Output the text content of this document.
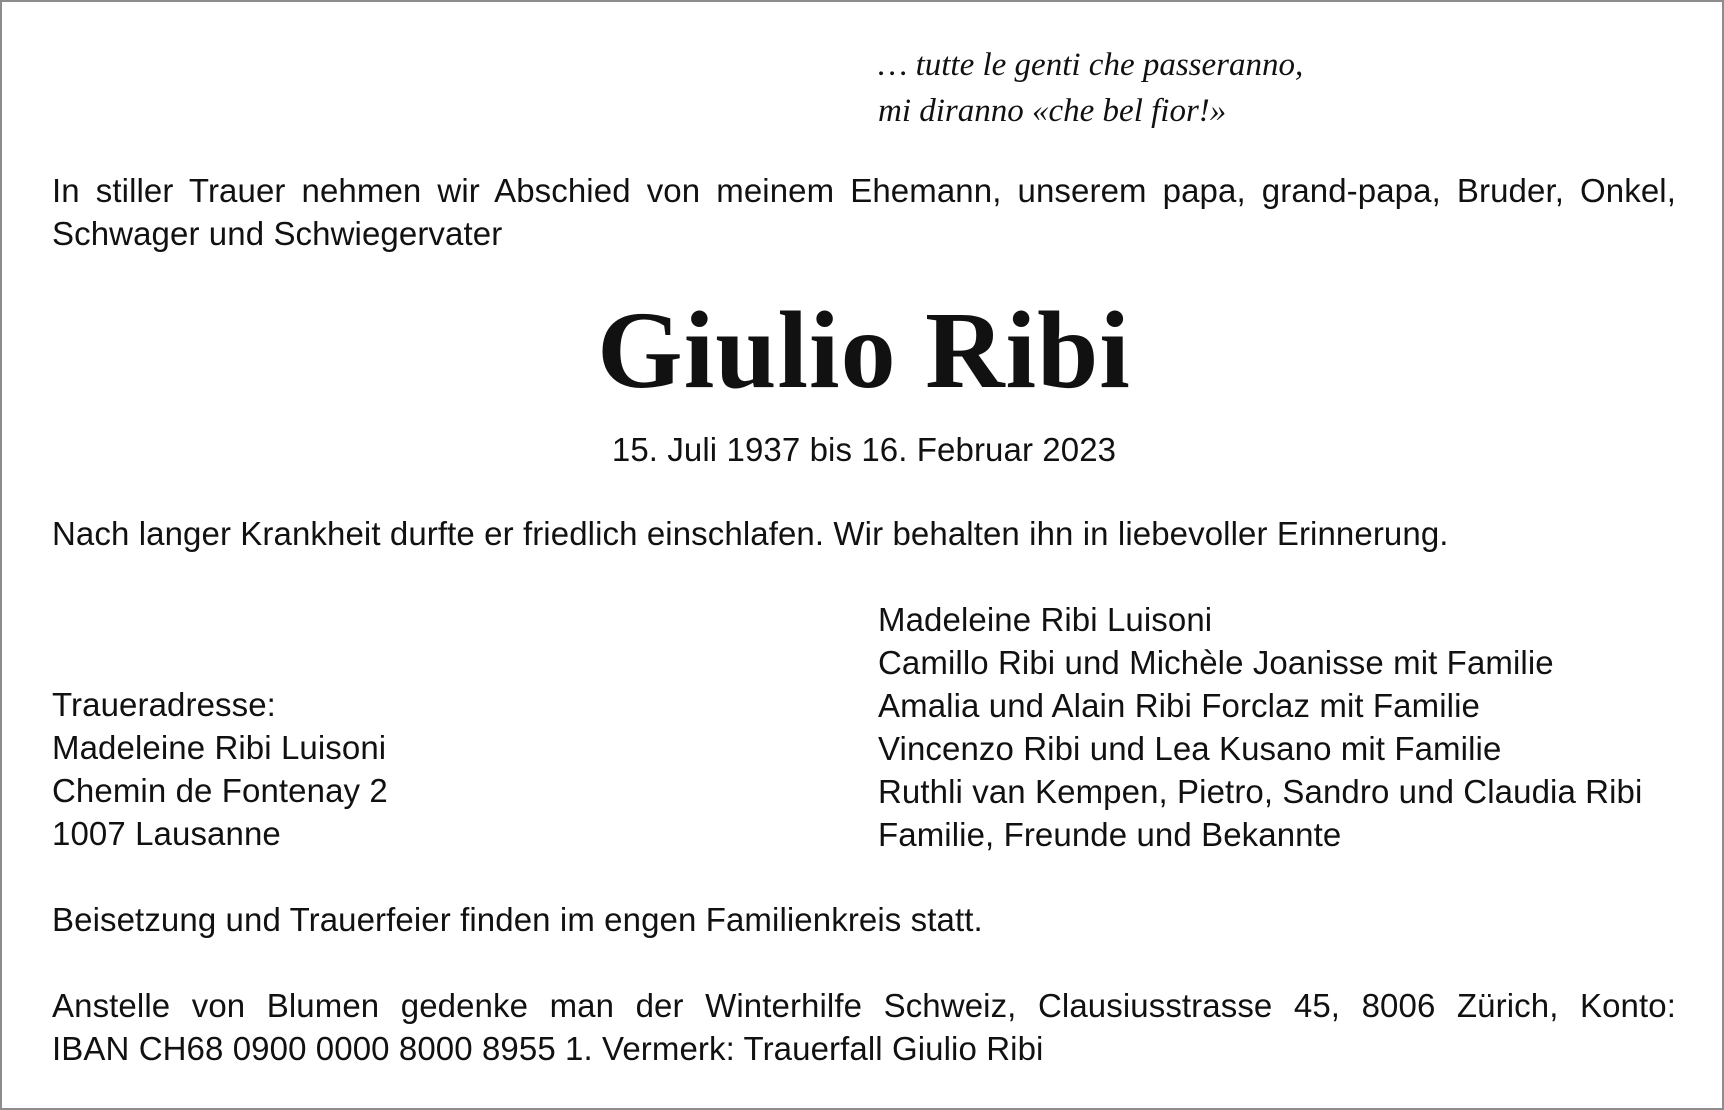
… tutte le genti che passeranno,
mi diranno «che bel fior!»
In stiller Trauer nehmen wir Abschied von meinem Ehemann, unserem papa, grand-papa, Bruder, Onkel,
Schwager und Schwiegervater
Giulio Ribi
15. Juli 1937 bis 16. Februar 2023
Nach langer Krankheit durfte er friedlich einschlafen. Wir behalten ihn in liebevoller Erinnerung.
Madeleine Ribi Luisoni
Camillo Ribi und Michèle Joanisse mit Familie
Amalia und Alain Ribi Forclaz mit Familie
Vincenzo Ribi und Lea Kusano mit Familie
Ruthli van Kempen, Pietro, Sandro und Claudia Ribi
Familie, Freunde und Bekannte
Traueradresse:
Madeleine Ribi Luisoni
Chemin de Fontenay 2
1007 Lausanne
Beisetzung und Trauerfeier finden im engen Familienkreis statt.
Anstelle von Blumen gedenke man der Winterhilfe Schweiz, Clausiusstrasse 45, 8006 Zürich, Konto:
IBAN CH68 0900 0000 8000 8955 1. Vermerk: Trauerfall Giulio Ribi
